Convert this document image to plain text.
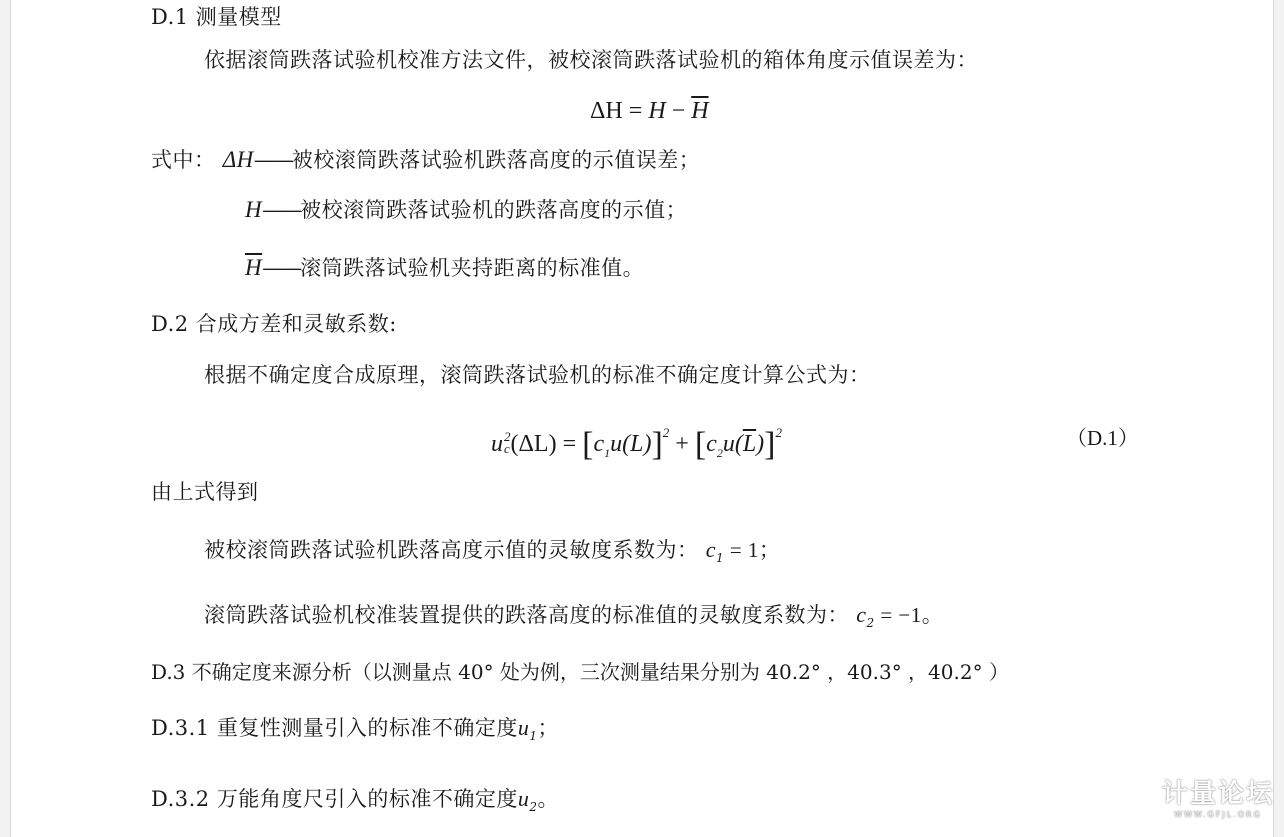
D.1 测量模型
依据滚筒跌落试验机校准方法文件，被校滚筒跌落试验机的箱体角度示值误差为：
$\Delta H = H - \overline{H}$
式中： ΔH——被校滚筒跌落试验机跌落高度的示值误差；
H——被校滚筒跌落试验机的跌落高度的示值；
$\overline{H}——$滚筒跌落试验机夹持距离的标准值。
D.2 合成方差和灵敏系数:
根据不确定度合成原理，滚筒跌落试验机的标准不确定度计算公式为：
u 2
c $(\Delta L) = [c_1u(L)]^2 + [c_2u(\overline{L})]^2$	（D.1）
由上式得到
被校滚筒跌落试验机跌落高度示值的灵敏度系数为： $c_1 = 1$；
滚筒跌落试验机校准装置提供的跌落高度的标准值的灵敏度系数为： $c_2 = -1$。
D.3 不确定度来源分析（以测量点 40° 处为例，三次测量结果分别为 40.2° ，40.3° ，40.2° ）
D.3.1 重复性测量引入的标准不确定度$u_1$；
D.3.2 万能角度尺引入的标准不确定度$u_2$。	计量论坛
WWW.GFJL.ORG
